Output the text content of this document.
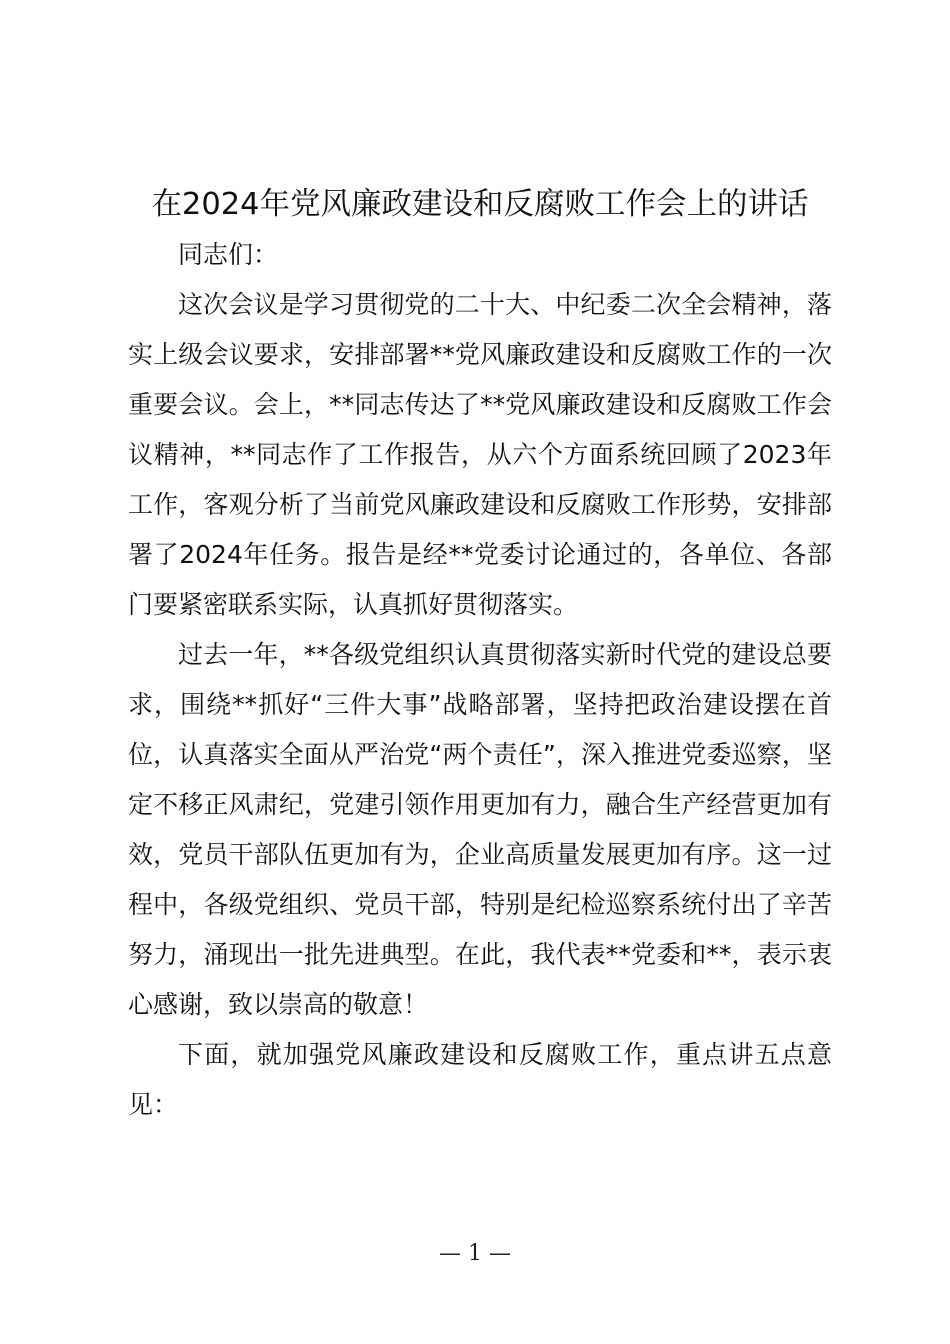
在2024年党风廉政建设和反腐败工作会上的讲话

同志们：

这次会议是学习贯彻党的二十大、中纪委二次全会精神，落实上级会议要求，安排部署**党风廉政建设和反腐败工作的一次重要会议。会上，**同志传达了**党风廉政建设和反腐败工作会议精神，**同志作了工作报告，从六个方面系统回顾了2023年工作，客观分析了当前党风廉政建设和反腐败工作形势，安排部署了2024年任务。报告是经**党委讨论通过的，各单位、各部门要紧密联系实际，认真抓好贯彻落实。

过去一年，**各级党组织认真贯彻落实新时代党的建设总要求，围绕**抓好“三件大事”战略部署，坚持把政治建设摆在首位，认真落实全面从严治党“两个责任”，深入推进党委巡察，坚定不移正风肃纪，党建引领作用更加有力，融合生产经营更加有效，党员干部队伍更加有为，企业高质量发展更加有序。这一过程中，各级党组织、党员干部，特别是纪检巡察系统付出了辛苦努力，涌现出一批先进典型。在此，我代表**党委和**，表示衷心感谢，致以崇高的敬意！

下面，就加强党风廉政建设和反腐败工作，重点讲五点意见：

— 1 —
